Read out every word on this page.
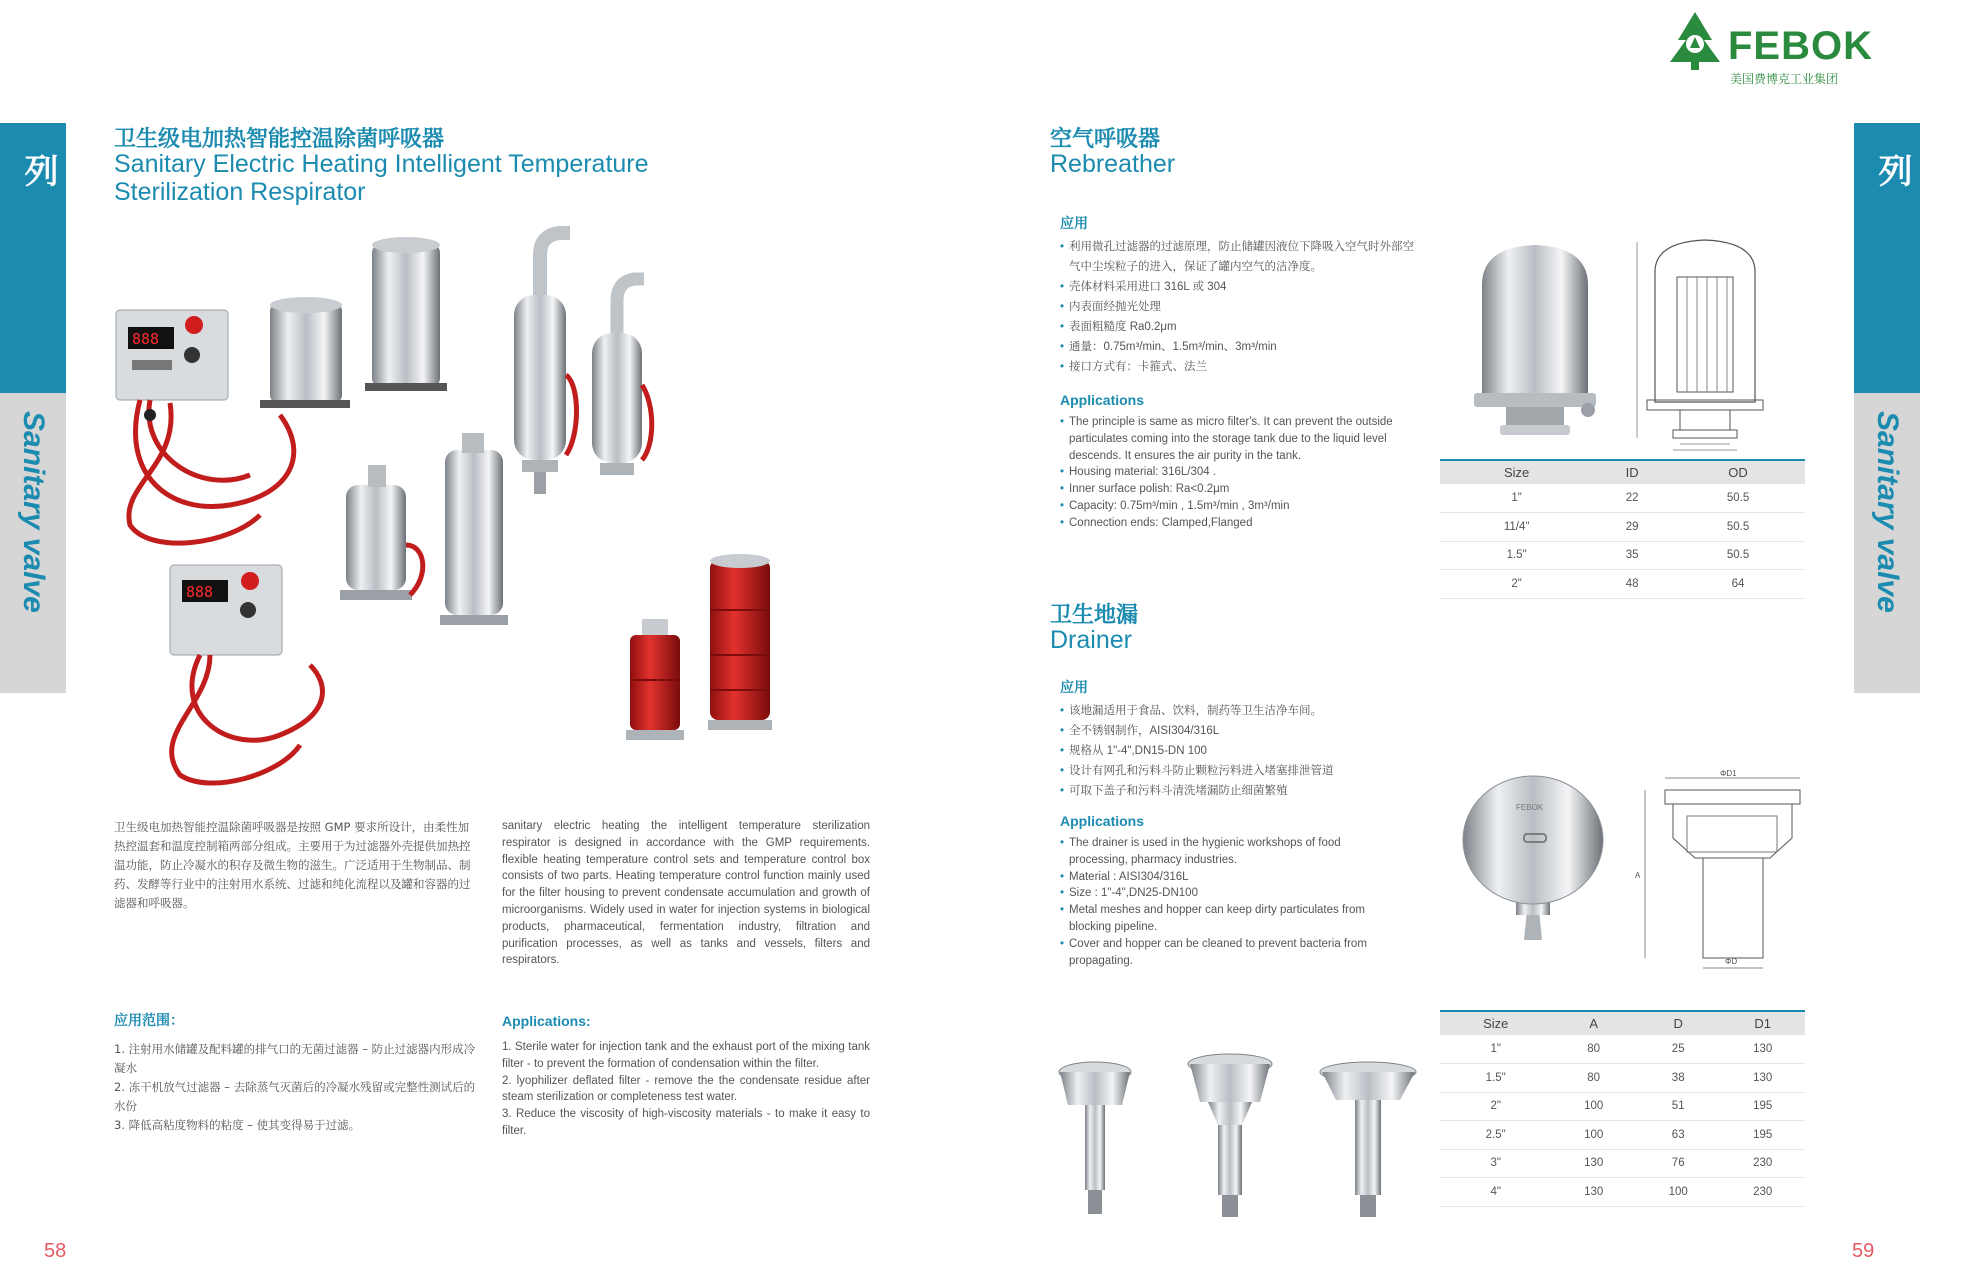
卫生级阀门系列
Sanitary valve
卫生级阀门系列
Sanitary valve
FEBOK
美国费博克工业集团
卫生级电加热智能控温除菌呼吸器
Sanitary Electric Heating Intelligent Temperature
Sterilization Respirator
888
888
卫生级电加热智能控温除菌呼吸器是按照 GMP 要求所设计，由柔性加热控温套和温度控制箱两部分组成。主要用于为过滤器外壳提供加热控温功能，防止冷凝水的积存及微生物的滋生。广泛适用于生物制品、制药、发酵等行业中的注射用水系统、过滤和纯化流程以及罐和容器的过滤器和呼吸器。
sanitary electric heating the intelligent temperature sterilization respirator is designed in accordance with the GMP requirements. flexible heating temperature control sets and temperature control box consists of two parts. Heating temperature control function mainly used for the filter housing to prevent condensate accumulation and growth of microorganisms. Widely used in water for injection systems in biological products, pharmaceutical, fermentation industry, filtration and purification processes, as well as tanks and vessels, filters and respirators.
应用范围：
1. 注射用水储罐及配料罐的排气口的无菌过滤器 – 防止过滤器内形成冷凝水
2. 冻干机放气过滤器 – 去除蒸气灭菌后的冷凝水残留或完整性测试后的水份
3. 降低高粘度物料的粘度 – 使其变得易于过滤。
Applications:
1. Sterile water for injection tank and the exhaust port of the mixing tank filter - to prevent the formation of condensation within the filter.
2. lyophilizer deflated filter - remove the the condensate residue after steam sterilization or completeness test water.
3. Reduce the viscosity of high-viscosity materials - to make it easy to filter.
58
空气呼吸器
Rebreather
应用
• 利用微孔过滤器的过滤原理，防止储罐因液位下降吸入空气时外部空气中尘埃粒子的进入，保证了罐内空气的洁净度。
• 壳体材料采用进口 316L 或 304
• 内表面经抛光处理
• 表面粗糙度 Ra0.2μm
• 通量：0.75m³/min、1.5m³/min、3m³/min
• 接口方式有：卡箍式、法兰
Applications
• The principle is same as micro filter's. It can prevent the outside particulates coming into the storage tank due to the liquid level descends. It ensures the air purity in the tank.
• Housing material: 316L/304 .
• Inner surface polish: Ra<0.2μm
• Capacity: 0.75m³/min , 1.5m³/min , 3m³/min
• Connection ends: Clamped,Flanged
Size	ID	OD
1"	22	50.5
11/4"	29	50.5
1.5"	35	50.5
2"	48	64
卫生地漏
Drainer
应用
• 该地漏适用于食品、饮料，制药等卫生洁净车间。
• 全不锈钢制作，AISI304/316L
• 规格从 1"-4",DN15-DN 100
• 设计有网孔和污料斗防止颗粒污料进入堵塞排泄管道
• 可取下盖子和污料斗清洗堵漏防止细菌繁殖
Applications
• The drainer is used in the hygienic workshops of food processing, pharmacy industries.
• Material : AISI304/316L
• Size : 1"-4",DN25-DN100
• Metal meshes and hopper can keep dirty particulates from blocking pipeline.
• Cover and hopper can be cleaned to prevent bacteria from propagating.
FEBOK
ΦD1
A
ΦD
Size	A	D	D1
1"	80	25	130
1.5"	80	38	130
2"	100	51	195
2.5"	100	63	195
3"	130	76	230
4"	130	100	230
59
